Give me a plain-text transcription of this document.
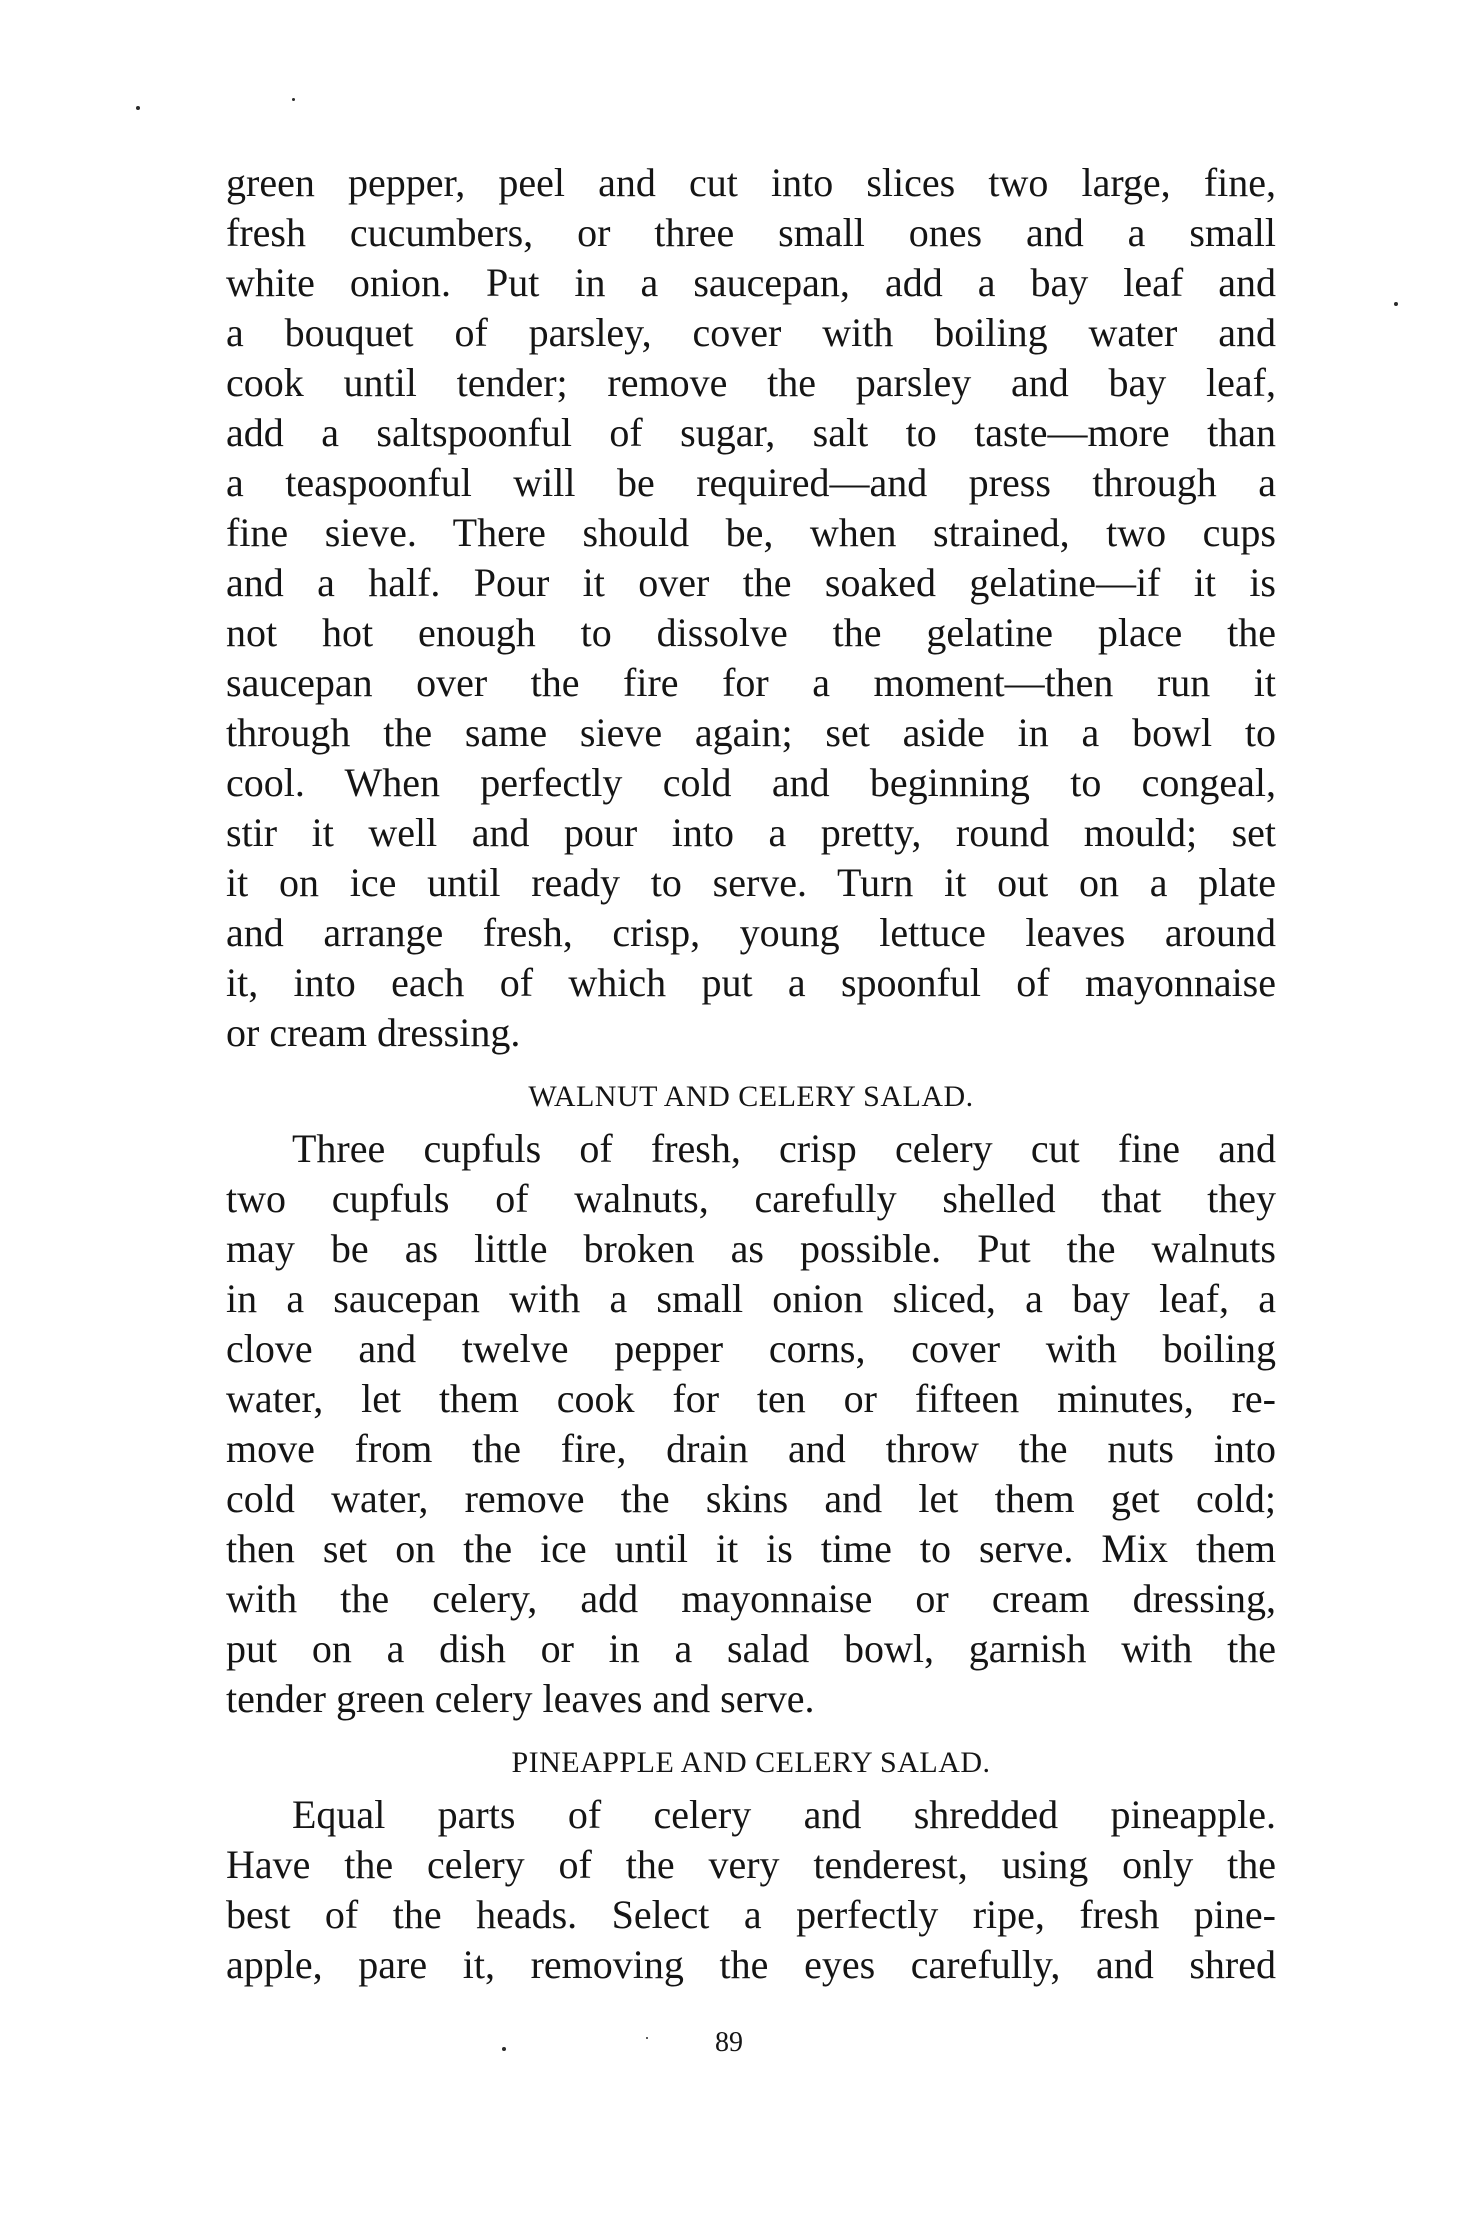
green pepper, peel and cut into slices two large, fine,
fresh cucumbers, or three small ones and a small
white onion. Put in a saucepan, add a bay leaf and
a bouquet of parsley, cover with boiling water and
cook until tender; remove the parsley and bay leaf,
add a saltspoonful of sugar, salt to taste—more than
a teaspoonful will be required—and press through a
fine sieve. There should be, when strained, two cups
and a half. Pour it over the soaked gelatine—if it is
not hot enough to dissolve the gelatine place the
saucepan over the fire for a moment—then run it
through the same sieve again; set aside in a bowl to
cool. When perfectly cold and beginning to congeal,
stir it well and pour into a pretty, round mould; set
it on ice until ready to serve. Turn it out on a plate
and arrange fresh, crisp, young lettuce leaves around
it, into each of which put a spoonful of mayonnaise
or cream dressing.
WALNUT AND CELERY SALAD.
Three cupfuls of fresh, crisp celery cut fine and
two cupfuls of walnuts, carefully shelled that they
may be as little broken as possible. Put the walnuts
in a saucepan with a small onion sliced, a bay leaf, a
clove and twelve pepper corns, cover with boiling
water, let them cook for ten or fifteen minutes, re-
move from the fire, drain and throw the nuts into
cold water, remove the skins and let them get cold;
then set on the ice until it is time to serve. Mix them
with the celery, add mayonnaise or cream dressing,
put on a dish or in a salad bowl, garnish with the
tender green celery leaves and serve.
PINEAPPLE AND CELERY SALAD.
Equal parts of celery and shredded pineapple.
Have the celery of the very tenderest, using only the
best of the heads. Select a perfectly ripe, fresh pine-
apple, pare it, removing the eyes carefully, and shred
89
